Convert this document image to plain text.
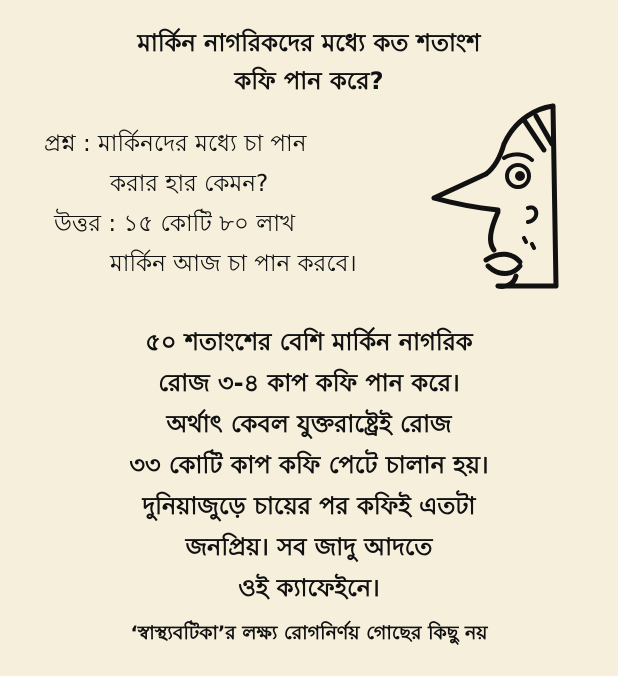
মার্কিন নাগরিকদের মধ্যে কত শতাংশ
কফি পান করে?
প্রশ্ন : মার্কিনদের মধ্যে চা পান
করার হার কেমন?
উত্তর : ১৫ কোটি ৮০ লাখ
মার্কিন আজ চা পান করবে।
৫০ শতাংশের বেশি মার্কিন নাগরিক
রোজ ৩-৪ কাপ কফি পান করে।
অর্থাৎ কেবল যুক্তরাষ্ট্রেই রোজ
৩৩ কোটি কাপ কফি পেটে চালান হয়।
দুনিয়াজুড়ে চায়ের পর কফিই এতটা
জনপ্রিয়। সব জাদু আদতে
ওই ক্যাফেইনে।
‘স্বাস্থ্যবটিকা’র লক্ষ্য রোগনির্ণয় গোছের কিছু নয়
